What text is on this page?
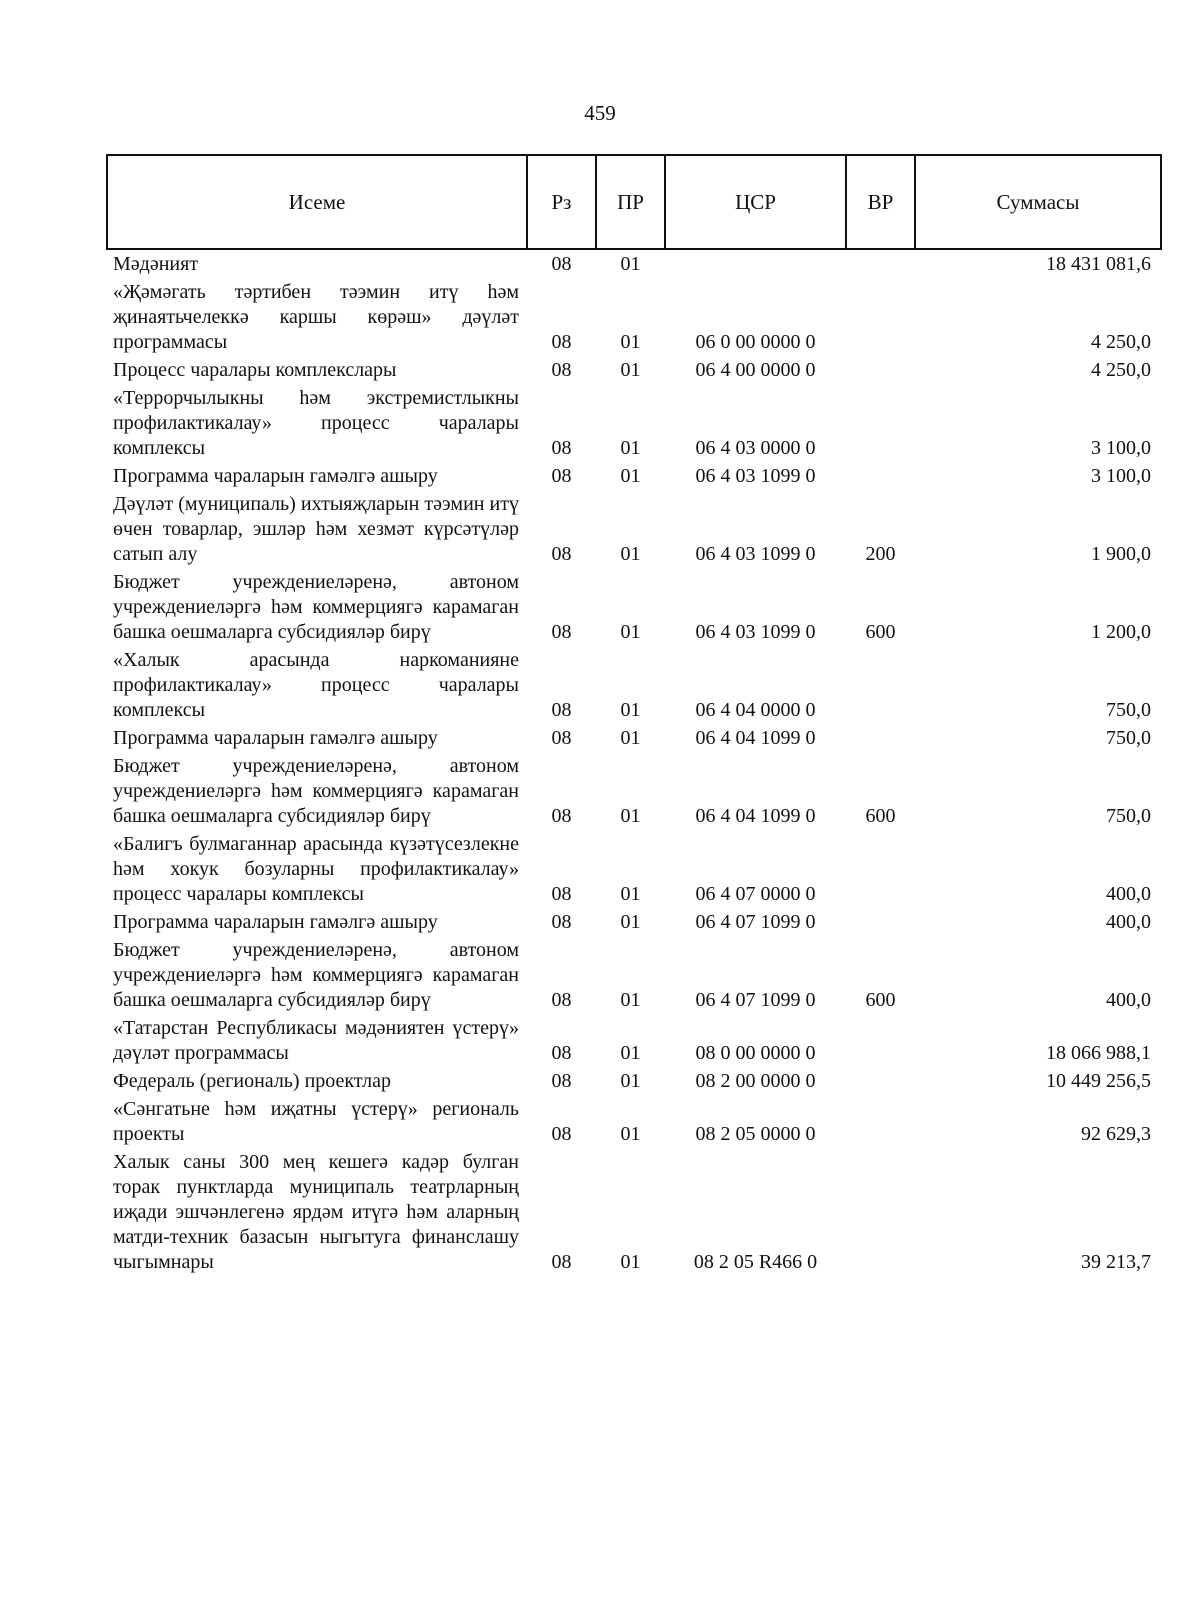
459
Исеме	Рз	ПР	ЦСР	ВР	Суммасы
Мәдәният	08	01			18 431 081,6
«Җәмәгать тәртибен тәэмин итү һәм җинаятьчелеккә каршы көрәш» дәүләт программасы	08	01	06 0 00 0000 0		4 250,0
Процесс чаралары комплекслары	08	01	06 4 00 0000 0		4 250,0
«Террорчылыкны һәм экстремистлыкны профилактикалау» процесс чаралары комплексы	08	01	06 4 03 0000 0		3 100,0
Программа чараларын гамәлгә ашыру	08	01	06 4 03 1099 0		3 100,0
Дәүләт (муниципаль) ихтыяҗларын тәэмин итү өчен товарлар, эшләр һәм хезмәт күрсәтүләр сатып алу	08	01	06 4 03 1099 0	200	1 900,0
Бюджет учреждениеләренә, автоном учреждениеләргә һәм коммерциягә карамаган башка оешмаларга субсидияләр бирү	08	01	06 4 03 1099 0	600	1 200,0
«Халык арасында наркоманияне профилактикалау» процесс чаралары комплексы	08	01	06 4 04 0000 0		750,0
Программа чараларын гамәлгә ашыру	08	01	06 4 04 1099 0		750,0
Бюджет учреждениеләренә, автоном учреждениеләргә һәм коммерциягә карамаган башка оешмаларга субсидияләр бирү	08	01	06 4 04 1099 0	600	750,0
«Балигъ булмаганнар арасында күзәтүсезлекне һәм хокук бозуларны профилактикалау» процесс чаралары комплексы	08	01	06 4 07 0000 0		400,0
Программа чараларын гамәлгә ашыру	08	01	06 4 07 1099 0		400,0
Бюджет учреждениеләренә, автоном учреждениеләргә һәм коммерциягә карамаган башка оешмаларга субсидияләр бирү	08	01	06 4 07 1099 0	600	400,0
«Татарстан Республикасы мәдәниятен үстерү» дәүләт программасы	08	01	08 0 00 0000 0		18 066 988,1
Федераль (региональ) проектлар	08	01	08 2 00 0000 0		10 449 256,5
«Сәнгатьне һәм иҗатны үстерү» региональ проекты	08	01	08 2 05 0000 0		92 629,3
Халык саны 300 мең кешегә кадәр булган торак пунктларда муниципаль театрларның иҗади эшчәнлегенә ярдәм итүгә һәм аларның матди-техник базасын ныгытуга финанслашу чыгымнары	08	01	08 2 05 R466 0		39 213,7
